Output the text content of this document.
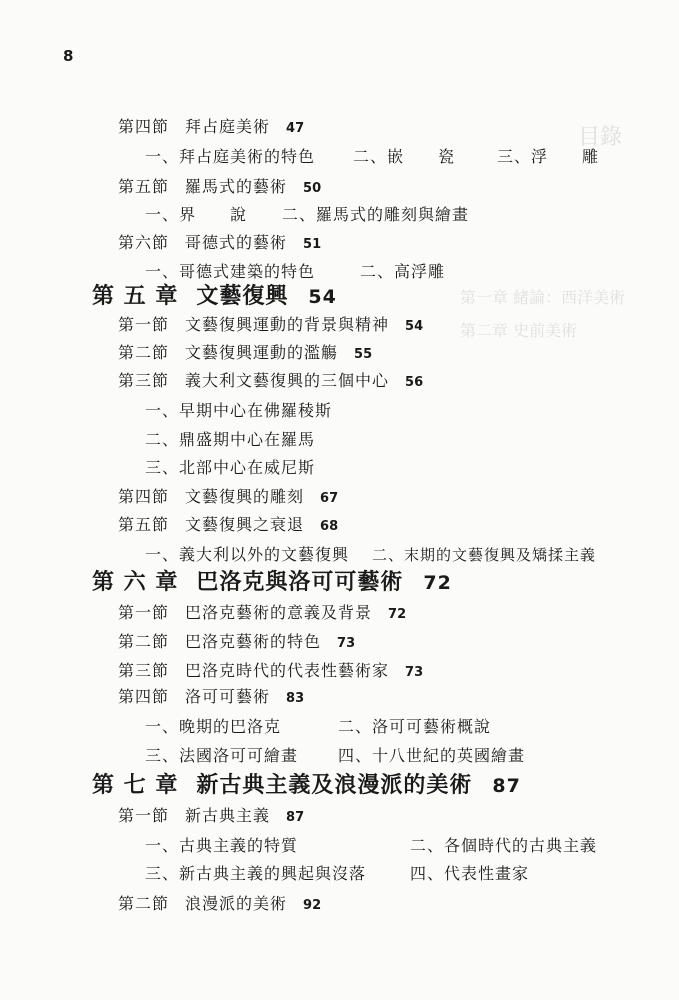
目錄
第一章 緒論：西洋美術
第二章 史前美術
8
第四節 拜占庭美術 47
一、拜占庭美術的特色 二、嵌　　瓷	三、浮　　雕
第五節 羅馬式的藝術 50
一、界　　說 二、羅馬式的雕刻與繪畫
第六節 哥德式的藝術 51
一、哥德式建築的特色	二、高浮雕
第 五 章 文藝復興 54
第一節 文藝復興運動的背景與精神 54
第二節 文藝復興運動的濫觴 55
第三節 義大利文藝復興的三個中心 56
一、早期中心在佛羅稜斯
二、鼎盛期中心在羅馬
三、北部中心在威尼斯
第四節 文藝復興的雕刻 67
第五節 文藝復興之衰退 68
一、義大利以外的文藝復興 二、末期的文藝復興及矯揉主義
第 六 章 巴洛克與洛可可藝術 72
第一節 巴洛克藝術的意義及背景 72
第二節 巴洛克藝術的特色 73
第三節 巴洛克時代的代表性藝術家 73
第四節 洛可可藝術 83
一、晚期的巴洛克	二、洛可可藝術概說
三、法國洛可可繪畫 四、十八世紀的英國繪畫
第 七 章 新古典主義及浪漫派的美術 87
第一節 新古典主義 87
一、古典主義的特質	二、各個時代的古典主義
三、新古典主義的興起與沒落	四、代表性畫家
第二節 浪漫派的美術 92
